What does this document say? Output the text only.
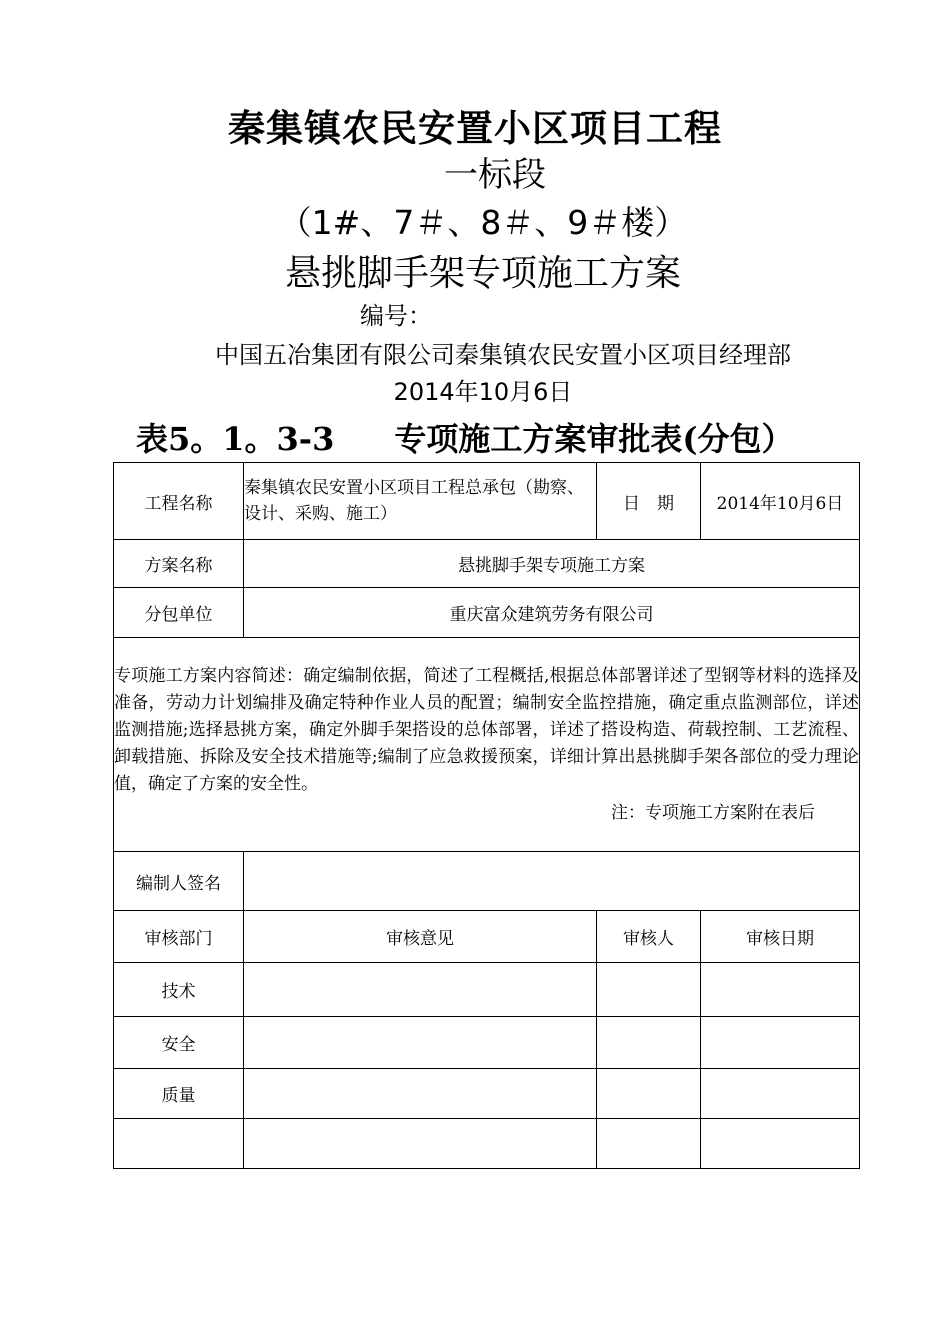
秦集镇农民安置小区项目工程
一标段
（1#、7＃、8＃、9＃楼）
悬挑脚手架专项施工方案
编号：
中国五冶集团有限公司秦集镇农民安置小区项目经理部
2014年10月6日
表5。1。3-3 专项施工方案审批表(分包）
工程名称	秦集镇农民安置小区项目工程总承包（勘察、设计、采购、施工）	日　期	2014年10月6日
方案名称	悬挑脚手架专项施工方案		
分包单位	重庆富众建筑劳务有限公司		

专项施工方案内容简述：确定编制依据，简述了工程概括,根据总体部署详述了型钢等材料的选择及准备，劳动力计划编排及确定特种作业人员的配置；编制安全监控措施，确定重点监测部位，详述监测措施;选择悬挑方案，确定外脚手架搭设的总体部署，详述了搭设构造、荷载控制、工艺流程、卸载措施、拆除及安全技术措施等;编制了应急救援预案，详细计算出悬挑脚手架各部位的受力理论值，确定了方案的安全性。
注：专项施工方案附在表后			

编制人签名			
审核部门	审核意见	审核人	审核日期
技术			
安全			
质量			
